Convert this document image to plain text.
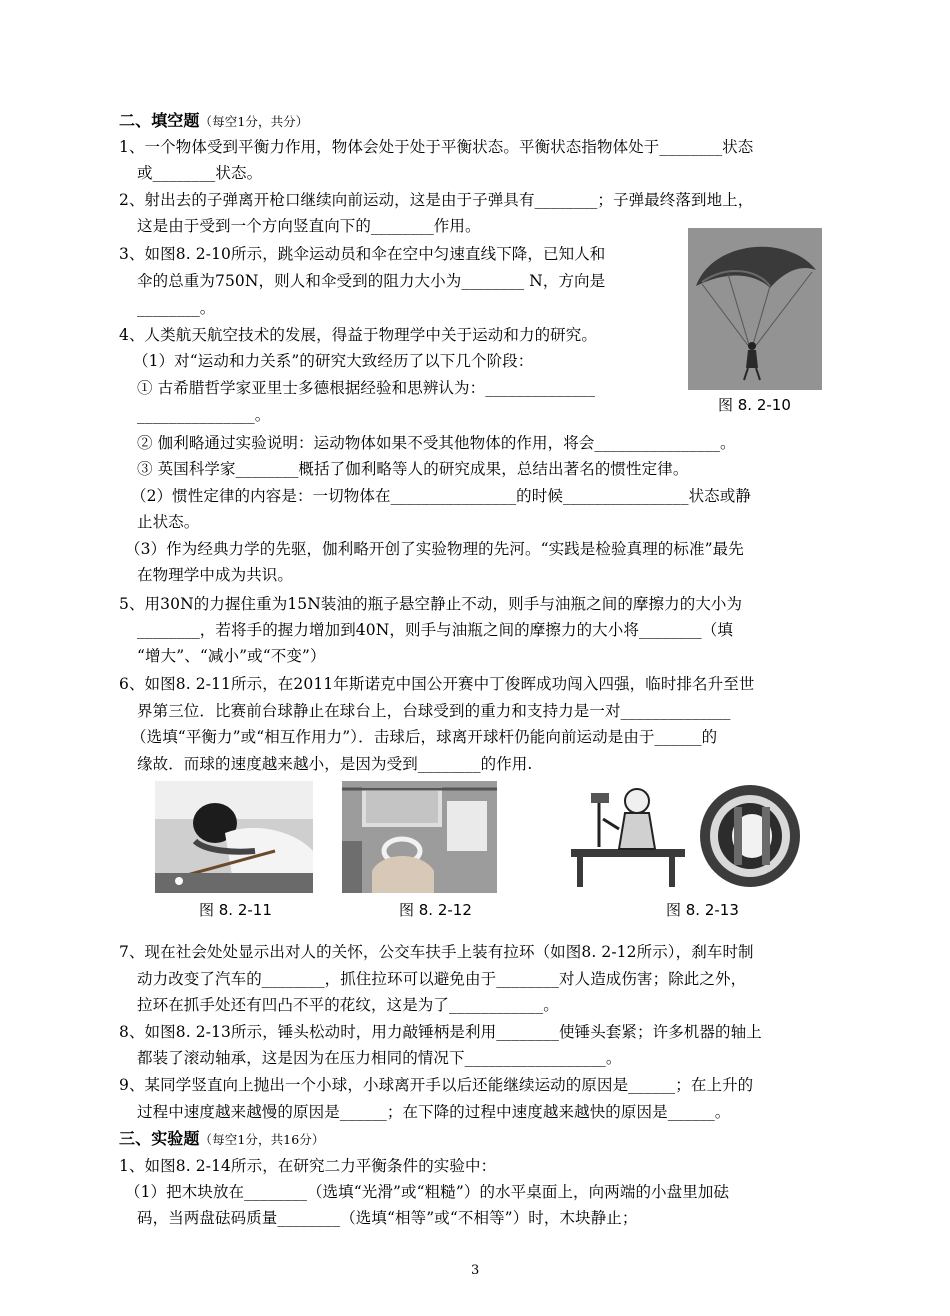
二、填空题（每空1分，共分）
1、一个物体受到平衡力作用，物体会处于处于平衡状态。平衡状态指物体处于________状态
或________状态。
2、射出去的子弹离开枪口继续向前运动，这是由于子弹具有________；子弹最终落到地上，
这是由于受到一个方向竖直向下的________作用。
3、如图8. 2-10所示，跳伞运动员和伞在空中匀速直线下降，已知人和
伞的总重为750N，则人和伞受到的阻力大小为________ N，方向是
________。
图 8. 2-10
4、人类航天航空技术的发展，得益于物理学中关于运动和力的研究。
（1）对“运动和力关系”的研究大致经历了以下几个阶段：
① 古希腊哲学家亚里士多德根据经验和思辨认为：______________
_______________。
② 伽利略通过实验说明：运动物体如果不受其他物体的作用，将会________________。
③ 英国科学家________概括了伽利略等人的研究成果，总结出著名的惯性定律。
（2）惯性定律的内容是：一切物体在________________的时候________________状态或静
止状态。
（3）作为经典力学的先驱，伽利略开创了实验物理的先河。“实践是检验真理的标准”最先
在物理学中成为共识。
5、用30N的力握住重为15N装油的瓶子悬空静止不动，则手与油瓶之间的摩擦力的大小为
________，若将手的握力增加到40N，则手与油瓶之间的摩擦力的大小将________（填
“增大”、“减小”或“不变”）
6、如图8. 2-11所示，在2011年斯诺克中国公开赛中丁俊晖成功闯入四强，临时排名升至世
界第三位．比赛前台球静止在球台上，台球受到的重力和支持力是一对______________
（选填“平衡力”或“相互作用力”）．击球后，球离开球杆仍能向前运动是由于______的
缘故．而球的速度越来越小，是因为受到________的作用.
图 8. 2-11	图 8. 2-12	图 8. 2-13
7、现在社会处处显示出对人的关怀，公交车扶手上装有拉环（如图8. 2-12所示），刹车时制
动力改变了汽车的________，抓住拉环可以避免由于________对人造成伤害；除此之外，
拉环在抓手处还有凹凸不平的花纹，这是为了____________。
8、如图8. 2-13所示，锤头松动时，用力敲锤柄是利用________使锤头套紧；许多机器的轴上
都装了滚动轴承，这是因为在压力相同的情况下__________________。
9、某同学竖直向上抛出一个小球，小球离开手以后还能继续运动的原因是______；在上升的
过程中速度越来越慢的原因是______；在下降的过程中速度越来越快的原因是______。
三、实验题（每空1分，共16分）
1、如图8. 2-14所示，在研究二力平衡条件的实验中：
（1）把木块放在________（选填“光滑”或“粗糙”）的水平桌面上，向两端的小盘里加砝
码，当两盘砝码质量________（选填“相等”或“不相等”）时，木块静止；
3
